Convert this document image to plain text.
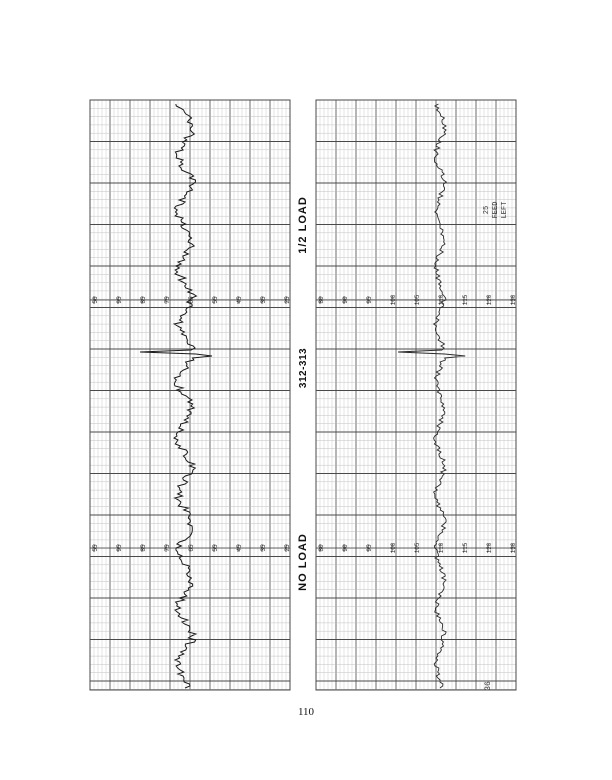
56	95	85	75	65	55	45	35	25
55	95	85	75	65	55	45	35	25
80	90	95	100	105	110	115	120	130
80	90	95	100	105	110	115	120	130
25 FEED LEFT
36
1/2 LOAD
312-313
NO LOAD
110
